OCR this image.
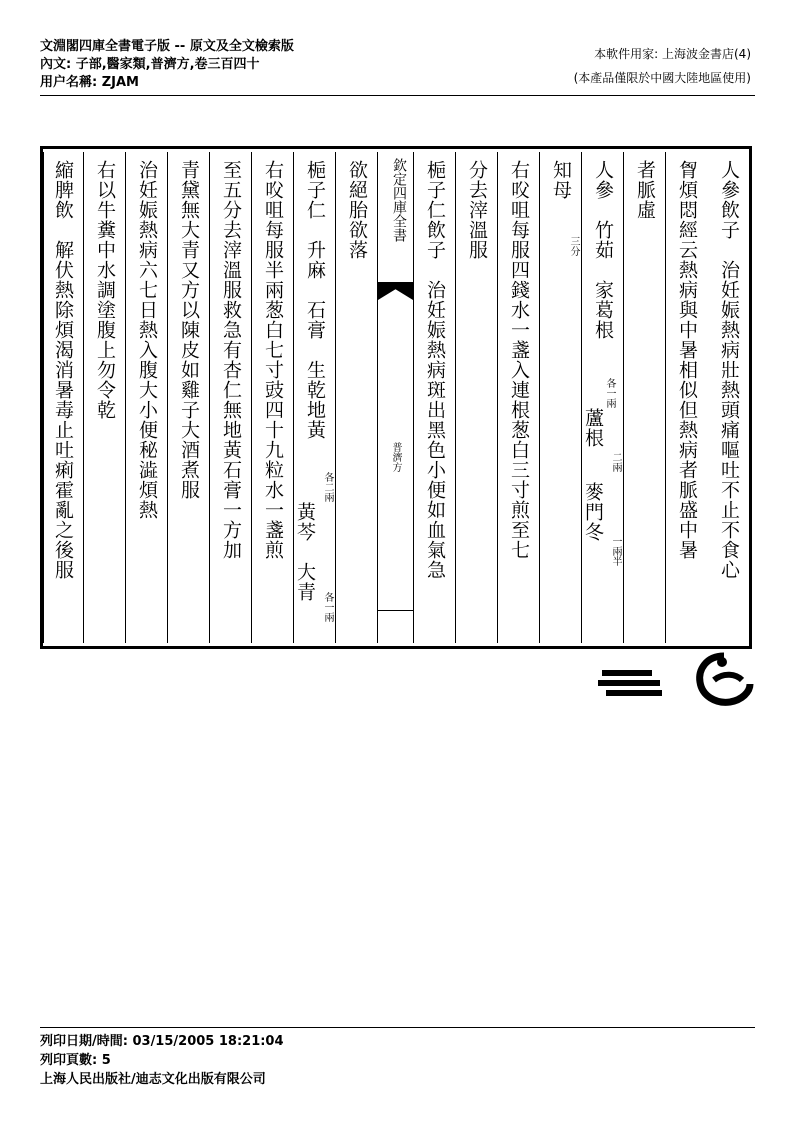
文淵閣四庫全書電子版 -- 原文及全文檢索版
內文: 子部,醫家類,普濟方,卷三百四十
用户名稱: ZJAM
本軟件用家: 上海波金書店(4)
(本產品僅限於中國大陸地區使用)
人參飲子　治妊娠熱病壯熱頭痛嘔吐不止不食心
胷煩悶經云熱病與中暑相似但熱病者脈盛中暑
者脈虛
人參　竹茹　家葛根
各一兩
蘆根
二兩
麥門冬
一兩半
知母
三分
右㕮咀每服四錢水一盞入連根葱白三寸煎至七
分去滓溫服
梔子仁飲子　治妊娠熱病斑出黑色小便如血氣急
欽定四庫全書
普濟方
欲絕胎欲落
梔子仁　升麻　石膏　生乾地黃
各二兩
黃芩　大青
各一兩
右㕮咀每服半兩葱白七寸豉四十九粒水一盞煎
至五分去滓溫服救急有杏仁無地黃石膏一方加
青黛無大青又方以陳皮如雞子大酒煮服
治妊娠熱病六七日熱入腹大小便秘澁煩熱
右以牛糞中水調塗腹上勿令乾
縮脾飲　解伏熱除煩渴消暑毒止吐痢霍亂之後服
列印日期/時間: 03/15/2005 18:21:04
列印頁數: 5
上海人民出版社/迪志文化出版有限公司
